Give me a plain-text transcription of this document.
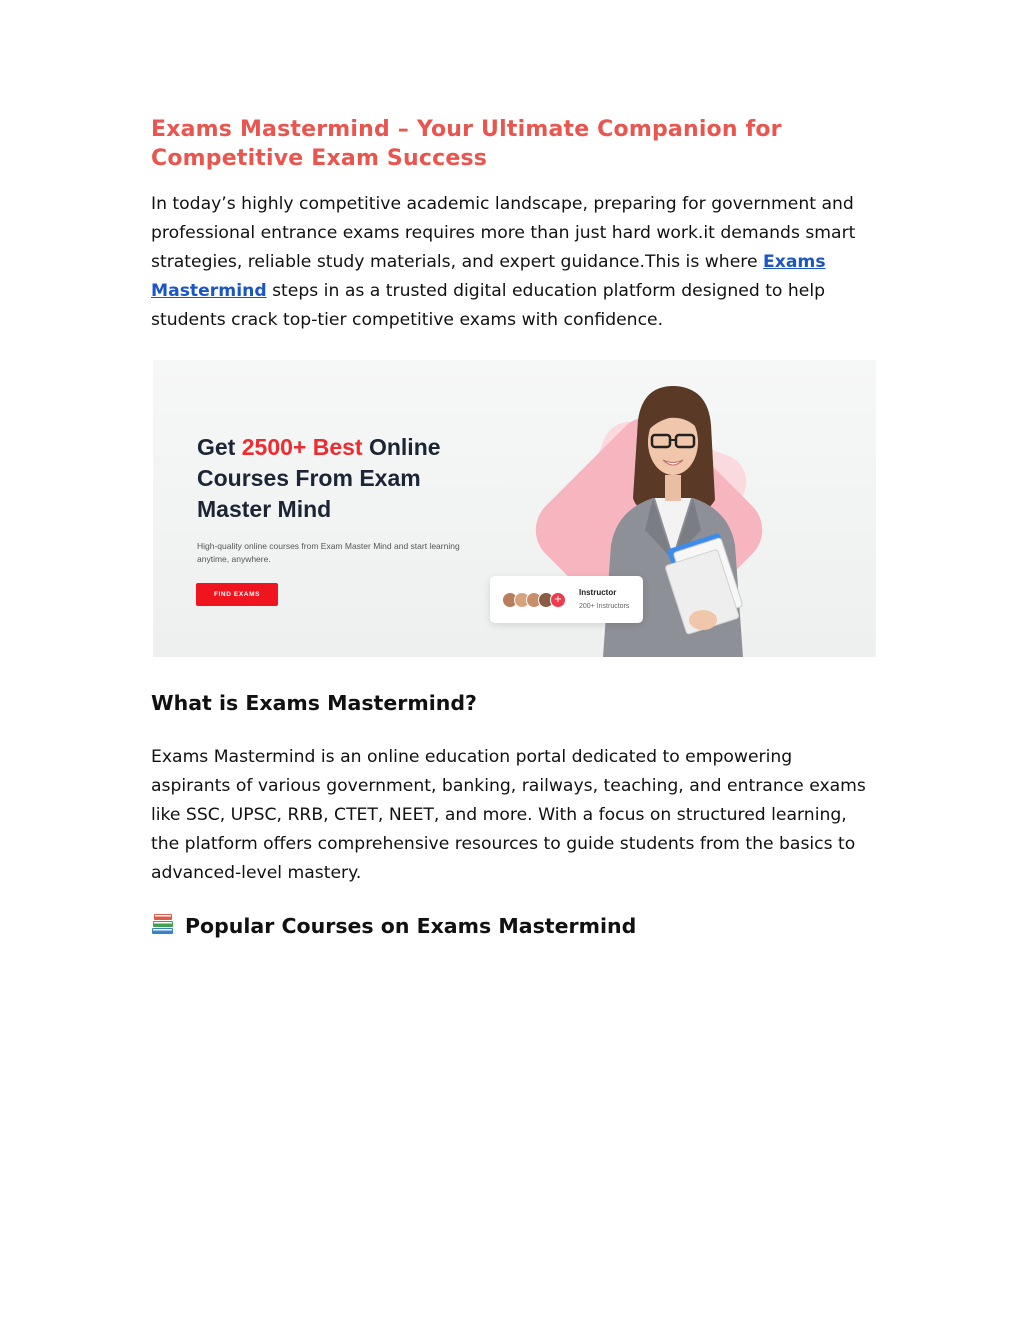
Exams Mastermind – Your Ultimate Companion for Competitive Exam Success

In today’s highly competitive academic landscape, preparing for government and professional entrance exams requires more than just hard work.it demands smart strategies, reliable study materials, and expert guidance.This is where Exams Mastermind steps in as a trusted digital education platform designed to help students crack top-tier competitive exams with confidence.

What is Exams Mastermind?

Exams Mastermind is an online education portal dedicated to empowering aspirants of various government, banking, railways, teaching, and entrance exams like SSC, UPSC, RRB, CTET, NEET, and more. With a focus on structured learning, the platform offers comprehensive resources to guide students from the basics to advanced-level mastery.

Popular Courses on Exams Mastermind

Get 2500+ Best Online Courses From Exam Master Mind

High-quality online courses from Exam Master Mind and start learning anytime, anywhere.

FIND EXAMS	+
Instructor
200+ Instructors
